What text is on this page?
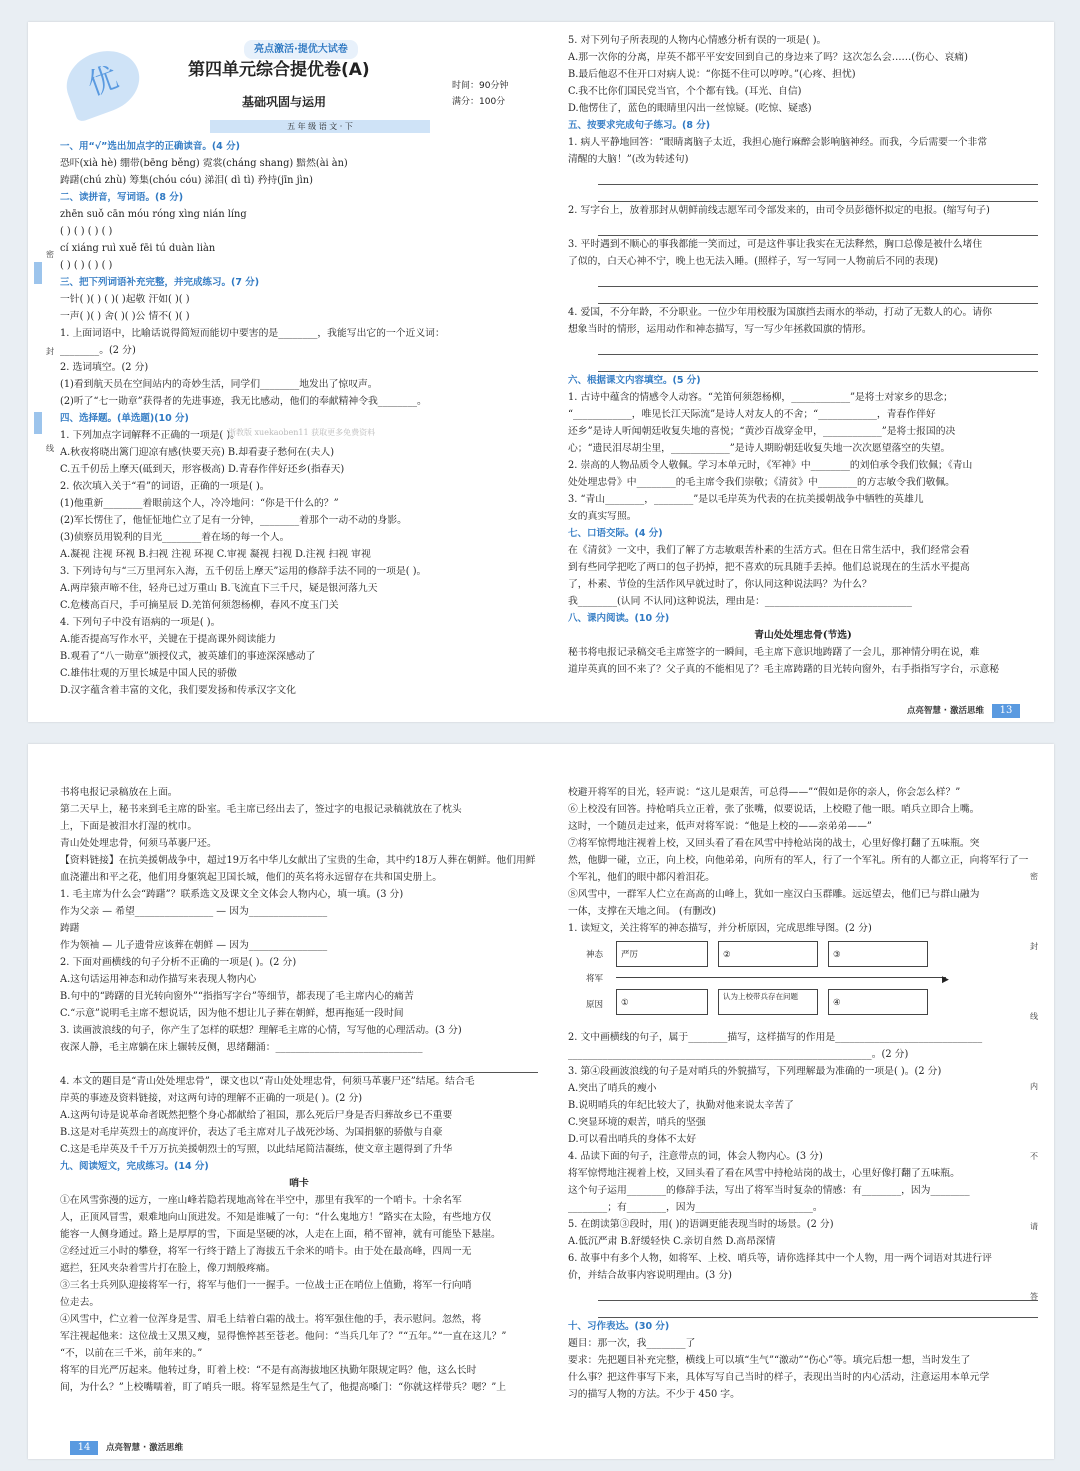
优
亮点激活·提优大试卷
第四单元综合提优卷(A)
基础巩固与运用
时间：90分钟
满分：100分
五 年 级 语 文 · 下
一、用“√”选出加点字的正确读音。(4 分)
恐吓(xià hè) 绷带(bēng běng) 霓裳(cháng shang) 黯然(ài àn)
踌躇(chú zhù) 筹集(chóu cóu) 涕泪( dì tì) 矜持(jīn jìn)
二、读拼音，写词语。(8 分)
zhēn suǒ cān móu róng xìng nián líng
( ) ( ) ( ) ( )
cí xiáng ruì xuě fēi tú duàn liàn
( ) ( ) ( ) ( )
三、把下列词语补充完整，并完成练习。(7 分)
一针( )( ) ( )( )起敬 汗如( )( )
一声( )( ) 舍( )( )公 情不( )( )
1. 上面词语中，比喻话说得简短而能切中要害的是________，我能写出它的一个近义词：
________。(2 分)
2. 选词填空。(2 分)
(1)看到航天员在空间站内的奇妙生活，同学们________地发出了惊叹声。
(2)听了“七一勋章”获得者的先进事迹，我无比感动，他们的奉献精神令我________。
四、选择题。(单选题)(10 分)
1. 下列加点字词解释不正确的一项是( )。
A.秋夜将晓出篱门迎凉有感(快要天亮) B.却看妻子愁何在(夫人)
C.五千仞岳上摩天(砥到天，形容极高) D.青春作伴好还乡(指春天)
2. 依次填入关于“看”的词语，正确的一项是( )。
(1)他重新________着眼前这个人，冷冷地问：“你是干什么的？”
(2)军长愣住了，他怔怔地伫立了足有一分钟，________着那个一动不动的身影。
(3)侦察员用锐利的目光________着在场的每一个人。
A.凝视 注视 环视 B.扫视 注视 环视 C.审视 凝视 扫视 D.注视 扫视 审视
3. 下列诗句与“三万里河东入海，五千仞岳上摩天”运用的修辞手法不同的一项是( )。
A.两岸猿声啼不住，轻舟已过万重山 B.飞流直下三千尺，疑是银河落九天
C.危楼高百尺，手可摘星辰 D.羌笛何须怨杨柳，春风不度玉门关
4. 下列句子中没有语病的一项是( )。
A.能否提高写作水平，关键在于提高课外阅读能力
B.观看了“八一勋章”颁授仪式，被英雄们的事迹深深感动了
C.雄伟壮观的万里长城是中国人民的骄傲
D.汉字蕴含着丰富的文化，我们要发扬和传承汉字文化
5. 对下列句子所表现的人物内心情感分析有误的一项是( )。
A.那一次你的分离，岸英不都平平安安回到自己的身边来了吗？这次怎么会……(伤心、哀痛)
B.最后他忍不住开口对病人说：“你挺不住可以哼哼。”(心疼、担忧)
C.我不比你们国民党当官，个个都有钱。(耳光、自信)
D.他愣住了，蓝色的眼睛里闪出一丝惊疑。(吃惊、疑惑)
五、按要求完成句子练习。(8 分)
1. 病人平静地回答：“眼睛离脑子太近，我担心施行麻醉会影响脑神经。而我，今后需要一个非常
清醒的大脑！”(改为转述句)
2. 写字台上，放着那封从朝鲜前线志愿军司令部发来的，由司令员彭德怀拟定的电报。(缩写句子)
3. 平时遇到不顺心的事我都能一笑而过，可是这件事让我实在无法释然，胸口总像是被什么堵住
了似的，白天心神不宁，晚上也无法入睡。(照样子，写一写同一人物前后不同的表现)
4. 爱国，不分年龄，不分职业。一位少年用校服为国旗挡去雨水的举动，打动了无数人的心。请你
想象当时的情形，运用动作和神态描写，写一写少年拯救国旗的情形。
六、根据课文内容填空。(5 分)
1. 古诗中蕴含的情感令人动容。“羌笛何须怨杨柳，____________”是将士对家乡的思念；
“____________，唯见长江天际流”是诗人对友人的不舍；“____________，青春作伴好
还乡”是诗人听闻朝廷收复失地的喜悦；“黄沙百战穿金甲，____________”是将士报国的决
心；“遗民泪尽胡尘里，____________”是诗人期盼朝廷收复失地一次次愿望落空的失望。
2. 崇高的人物品质令人敬佩。学习本单元时，《军神》中________的刘伯承令我们钦佩；《青山
处处埋忠骨》中________的毛主席令我们崇敬；《清贫》中________的方志敏令我们敬佩。
3. “青山________，________”是以毛岸英为代表的在抗美援朝战争中牺牲的英雄儿
女的真实写照。
七、口语交际。(4 分)
在《清贫》一文中，我们了解了方志敏艰苦朴素的生活方式。但在日常生活中，我们经常会看
到有些同学把吃了两口的包子扔掉，把不喜欢的玩具随手丢掉。他们总说现在的生活水平提高
了，朴素、节俭的生活作风早就过时了，你认同这种说法吗？为什么？
我________(认同 不认同)这种说法，理由是：______________________________
八、课内阅读。(10 分)
青山处处埋忠骨(节选)
秘书将电报记录稿交毛主席签字的一瞬间，毛主席下意识地踌躇了一会儿，那神情分明在说，难
道岸英真的回不来了？父子真的不能相见了？毛主席踌躇的目光转向窗外，右手指指写字台，示意秘
浙教版 xuekaoben11 获取更多免费资料
密
封
线
点亮智慧 · 激活思维	13
书将电报记录稿放在上面。
第二天早上，秘书来到毛主席的卧室。毛主席已经出去了，签过字的电报记录稿就放在了枕头
上，下面是被泪水打湿的枕巾。
青山处处埋忠骨，何须马革裹尸还。
【资料链接】在抗美援朝战争中，超过19万名中华儿女献出了宝贵的生命，其中约18万人葬在朝鲜。他们用鲜
血浇灌出和平之花，他们用身躯筑起卫国长城，他们的英名将永远留存在共和国史册上。
1. 毛主席为什么会“踌躇”？联系选文及课文全文体会人物内心，填一填。(3 分)
作为父亲 — 希望________________ — 因为________________
踌躇
作为领袖 — 儿子遗骨应该葬在朝鲜 — 因为________________
2. 下面对画横线的句子分析不正确的一项是( )。(2 分)
A.这句话运用神态和动作描写来表现人物内心
B.句中的“踌躇的目光转向窗外”“指指写字台”等细节，都表现了毛主席内心的痛苦
C.“示意”说明毛主席不想说话，因为他不想让儿子葬在朝鲜，想再拖延一段时间
3. 读画波浪线的句子，你产生了怎样的联想？理解毛主席的心情，写写他的心理活动。(3 分)
夜深人静，毛主席躺在床上辗转反侧，思绪翻涌：______________________________
4. 本文的题目是“青山处处埋忠骨”，课文也以“青山处处埋忠骨，何须马革裹尸还”结尾。结合毛
岸英的事迹及资料链接，对这两句诗的理解不正确的一项是( )。(2 分)
A.这两句诗是说革命者既然把整个身心都献给了祖国，那么死后尸身是否归葬故乡已不重要
B.这是对毛岸英烈士的高度评价，表达了毛主席对儿子战死沙场、为国捐躯的骄傲与自豪
C.这是毛岸英及千千万万抗美援朝烈士的写照，以此结尾简洁凝练，使文章主题得到了升华
九、阅读短文，完成练习。(14 分)
哨卡
①在风雪弥漫的远方，一座山峰若隐若现地高耸在半空中，那里有我军的一个哨卡。十余名军
人，正顶风冒雪，艰难地向山顶进发。不知是谁喊了一句：“什么鬼地方！”路实在太险，有些地方仅
能容一人侧身通过。路上是厚厚的雪，下面是坚硬的冰，人走在上面，稍不留神，就有可能坠下悬崖。
②经过近三小时的攀登，将军一行终于踏上了海拔五千余米的哨卡。由于处在最高峰，四周一无
遮拦，狂风夹杂着雪片打在脸上，像刀割般疼痛。
③三名士兵列队迎接将军一行，将军与他们一一握手。一位战士正在哨位上值勤，将军一行向哨
位走去。
④风雪中，伫立着一位浑身是雪、眉毛上结着白霜的战士。将军强住他的手，表示慰问。忽然，将
军注视起他来：这位战士又黑又瘦，显得憔悴甚至苍老。他问：“当兵几年了？”“五年。”“一直在这儿？”
“不，以前在三千米，前年来的。”
将军的目光严厉起来。他转过身，盯着上校：“不是有高海拔地区执勤年限规定吗？他，这么长时
间，为什么？”上校嘴嚅着，盯了哨兵一眼。将军显然是生气了，他提高嗓门：“你就这样带兵？嗯？”上
校避开将军的目光，轻声说：“这儿是艰苦，可总得——”“假如是你的亲人，你会怎么样？”
⑥上校没有回答。持枪哨兵立正着，张了张嘴，似要说话，上校瞪了他一眼。哨兵立即合上嘴。
这时，一个随员走过来，低声对将军说：“他是上校的——亲弟弟——”
⑦将军惊愕地注视着上校，又回头看了看在风雪中持枪站岗的战士，心里好像打翻了五味瓶。突
然，他脚一碰，立正，向上校，向他弟弟，向所有的军人，行了一个军礼。所有的人都立正，向将军行了一
个军礼，他们的眼中都闪着泪花。
⑧风雪中，一群军人伫立在高高的山峰上，犹如一座汉白玉群雕。远远望去，他们已与群山融为
一体，支撑在天地之间。 (有删改)
1. 读短文，关注将军的神态描写，并分析原因，完成思维导图。(2 分)
神态
将军
原因
严厉	②	③
▶
①
认为上校带兵存在问题
④
2. 文中画横线的句子，属于________描写，这样描写的作用是______________________________
______________________________________________________________。(2 分)
3. 第④段画波浪线的句子是对哨兵的外貌描写，下列理解最为准确的一项是( )。(2 分)
A.突出了哨兵的瘦小
B.说明哨兵的年纪比较大了，执勤对他来说太辛苦了
C.突显环境的艰苦，哨兵的坚强
D.可以看出哨兵的身体不太好
4. 品读下面的句子，注意带点的词，体会人物内心。(3 分)
将军惊愕地注视着上校，又回头看了看在风雪中持枪站岗的战士，心里好像打翻了五味瓶。
这个句子运用________的修辞手法，写出了将军当时复杂的情感：有________，因为________
________；有________，因为________________________。
5. 在朗读第③段时，用( )的语调更能表现当时的场景。(2 分)
A.低沉严肃 B.舒缓轻快 C.亲切自然 D.高昂深情
6. 故事中有多个人物，如将军、上校、哨兵等，请你选择其中一个人物，用一两个词语对其进行评
价，并结合故事内容说明理由。(3 分)
十、习作表达。(30 分)
题目：那一次，我________了
要求：先把题目补充完整，横线上可以填“生气”“激动”“伤心”等。填完后想一想，当时发生了
什么事？把这件事写下来，具体写写自己当时的样子，表现出当时的内心活动，注意运用本单元学
习的描写人物的方法。不少于 450 字。
密
封
线
内
不
请
答
14	点亮智慧 · 激活思维
